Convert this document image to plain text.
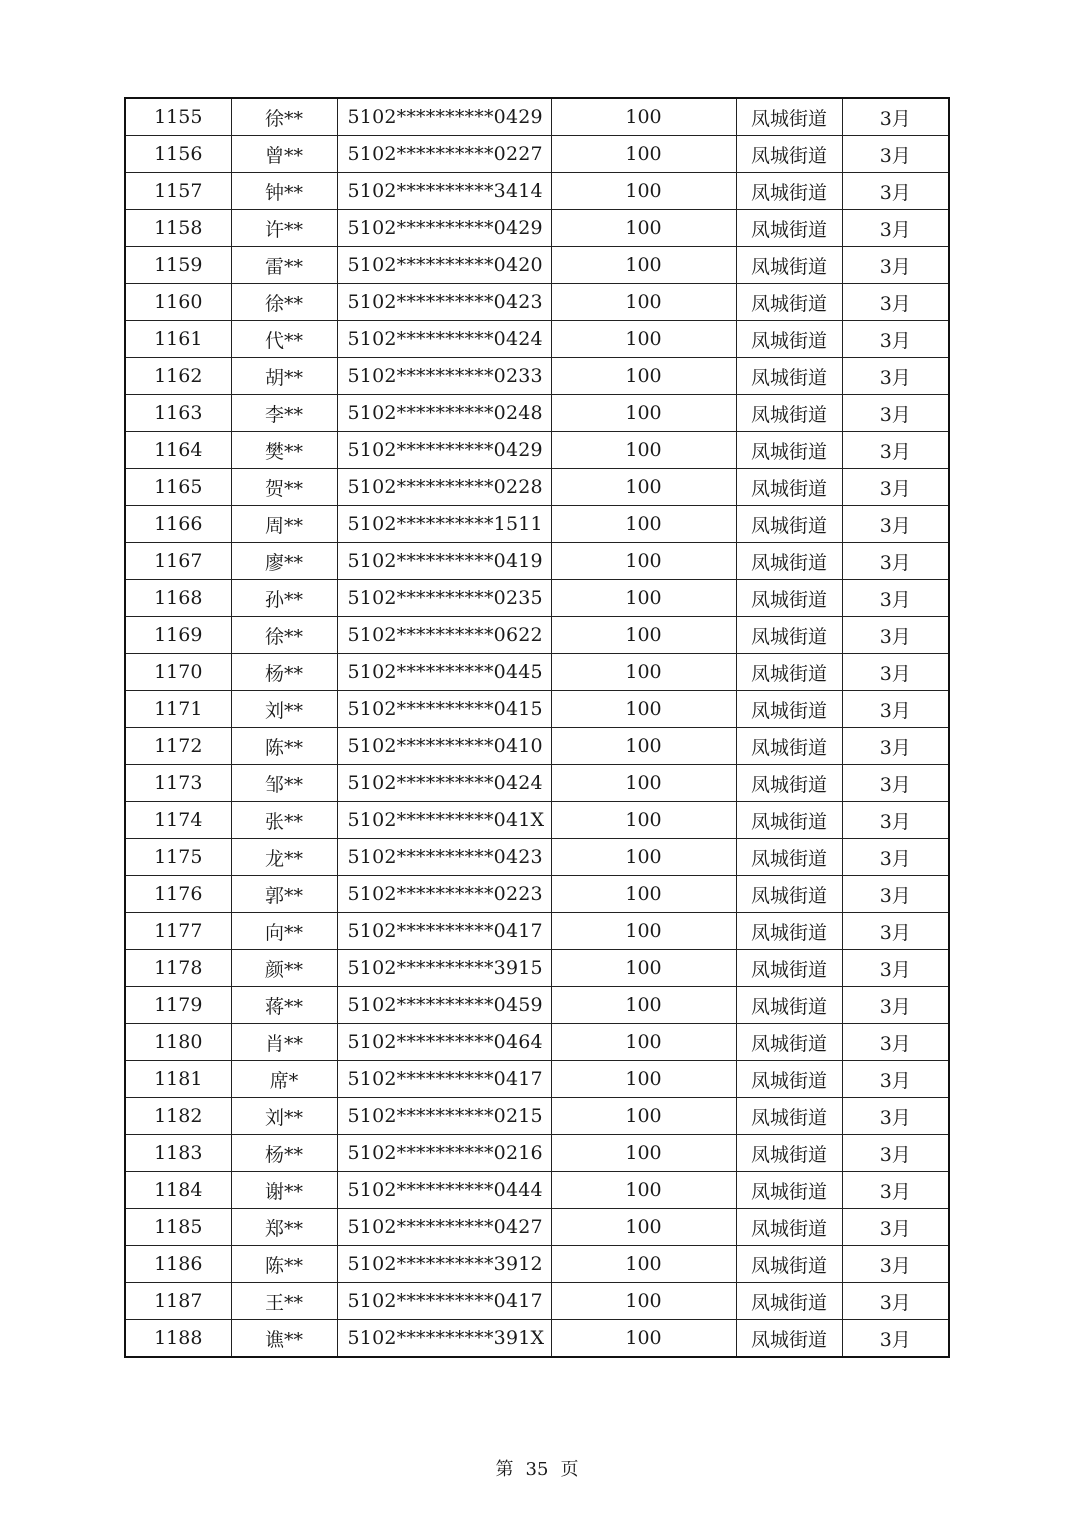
1155	徐**	5102**********0429	100	凤城街道	3月
1156	曾**	5102**********0227	100	凤城街道	3月
1157	钟**	5102**********3414	100	凤城街道	3月
1158	许**	5102**********0429	100	凤城街道	3月
1159	雷**	5102**********0420	100	凤城街道	3月
1160	徐**	5102**********0423	100	凤城街道	3月
1161	代**	5102**********0424	100	凤城街道	3月
1162	胡**	5102**********0233	100	凤城街道	3月
1163	李**	5102**********0248	100	凤城街道	3月
1164	樊**	5102**********0429	100	凤城街道	3月
1165	贺**	5102**********0228	100	凤城街道	3月
1166	周**	5102**********1511	100	凤城街道	3月
1167	廖**	5102**********0419	100	凤城街道	3月
1168	孙**	5102**********0235	100	凤城街道	3月
1169	徐**	5102**********0622	100	凤城街道	3月
1170	杨**	5102**********0445	100	凤城街道	3月
1171	刘**	5102**********0415	100	凤城街道	3月
1172	陈**	5102**********0410	100	凤城街道	3月
1173	邹**	5102**********0424	100	凤城街道	3月
1174	张**	5102**********041X	100	凤城街道	3月
1175	龙**	5102**********0423	100	凤城街道	3月
1176	郭**	5102**********0223	100	凤城街道	3月
1177	向**	5102**********0417	100	凤城街道	3月
1178	颜**	5102**********3915	100	凤城街道	3月
1179	蒋**	5102**********0459	100	凤城街道	3月
1180	肖**	5102**********0464	100	凤城街道	3月
1181	席*	5102**********0417	100	凤城街道	3月
1182	刘**	5102**********0215	100	凤城街道	3月
1183	杨**	5102**********0216	100	凤城街道	3月
1184	谢**	5102**********0444	100	凤城街道	3月
1185	郑**	5102**********0427	100	凤城街道	3月
1186	陈**	5102**********3912	100	凤城街道	3月
1187	王**	5102**********0417	100	凤城街道	3月
1188	谯**	5102**********391X	100	凤城街道	3月
第 35 页
